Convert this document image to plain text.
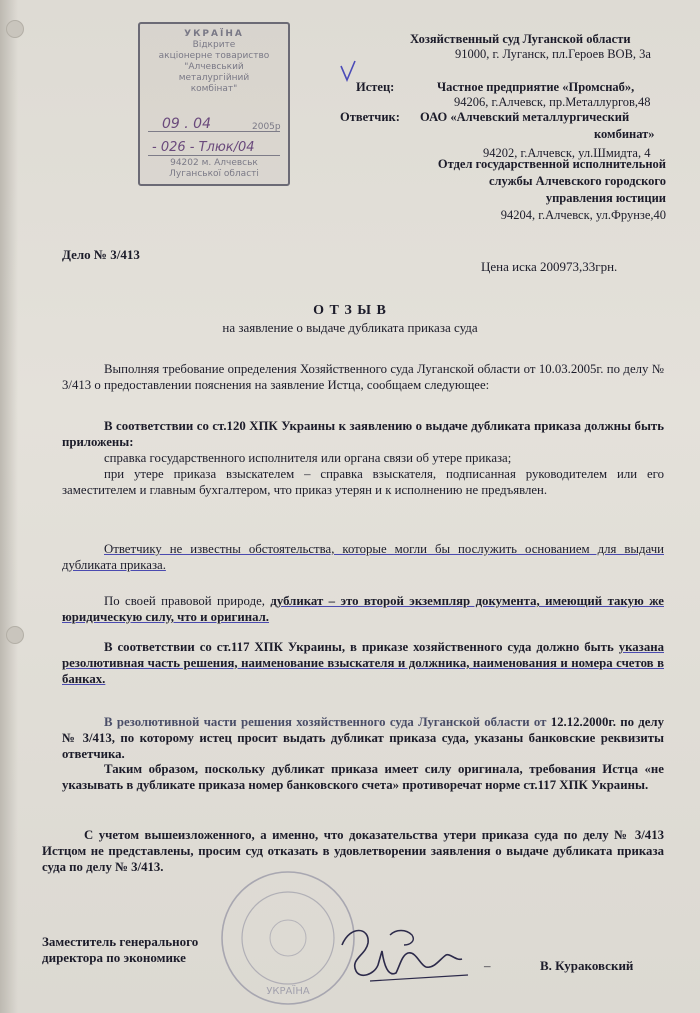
УКРАЇНА
Відкрите
акціонерне товариство
"Алчевський
металургійний
комбінат"
09 . 04	2005р
- 026 - Тлюк/04
94202 м. Алчевськ
Луганської області
Хозяйственный суд Луганской области
91000, г. Луганск, пл.Героев ВОВ, 3а
Истец:	Частное предприятие «Промснаб»,
94206, г.Алчевск, пр.Металлургов,48
Ответчик: ОАО «Алчевский металлургический
комбинат»
94202, г.Алчевск, ул.Шмидта, 4
Отдел государственной исполнительной
службы Алчевского городского
управления юстиции
94204, г.Алчевск, ул.Фрунзе,40
Дело № 3/413
Цена иска 200973,33грн.
О Т З Ы В
на заявление о выдаче дубликата приказа суда
Выполняя требование определения Хозяйственного суда Луганской области от 10.03.2005г. по делу № 3/413 о предоставлении пояснения на заявление Истца, сообщаем следующее:
В соответствии со ст.120 ХПК Украины к заявлению о выдаче дубликата приказа должны быть приложены:
справка государственного исполнителя или органа связи об утере приказа;
при утере приказа взыскателем – справка взыскателя, подписанная руководителем или его заместителем и главным бухгалтером, что приказ утерян и к исполнению не предъявлен.
Ответчику не известны обстоятельства, которые могли бы послужить основанием для выдачи дубликата приказа.
По своей правовой природе, дубликат – это второй экземпляр документа, имеющий такую же юридическую силу, что и оригинал.
В соответствии со ст.117 ХПК Украины, в приказе хозяйственного суда должно быть указана резолютивная часть решения, наименование взыскателя и должника, наименования и номера счетов в банках.
В резолютивной части решения хозяйственного суда Луганской области от 12.12.2000г. по делу № 3/413, по которому истец просит выдать дубликат приказа суда, указаны банковские реквизиты ответчика.
Таким образом, поскольку дубликат приказа имеет силу оригинала, требования Истца «не указывать в дубликате приказа номер банковского счета» противоречат норме ст.117 ХПК Украины.
С учетом вышеизложенного, а именно, что доказательства утери приказа суда по делу № 3/413 Истцом не представлены, просим суд отказать в удовлетворении заявления о выдаче дубликата приказа суда по делу № 3/413.
УКРАЇНА
Заместитель генерального
директора по экономике
–	В. Кураковский
